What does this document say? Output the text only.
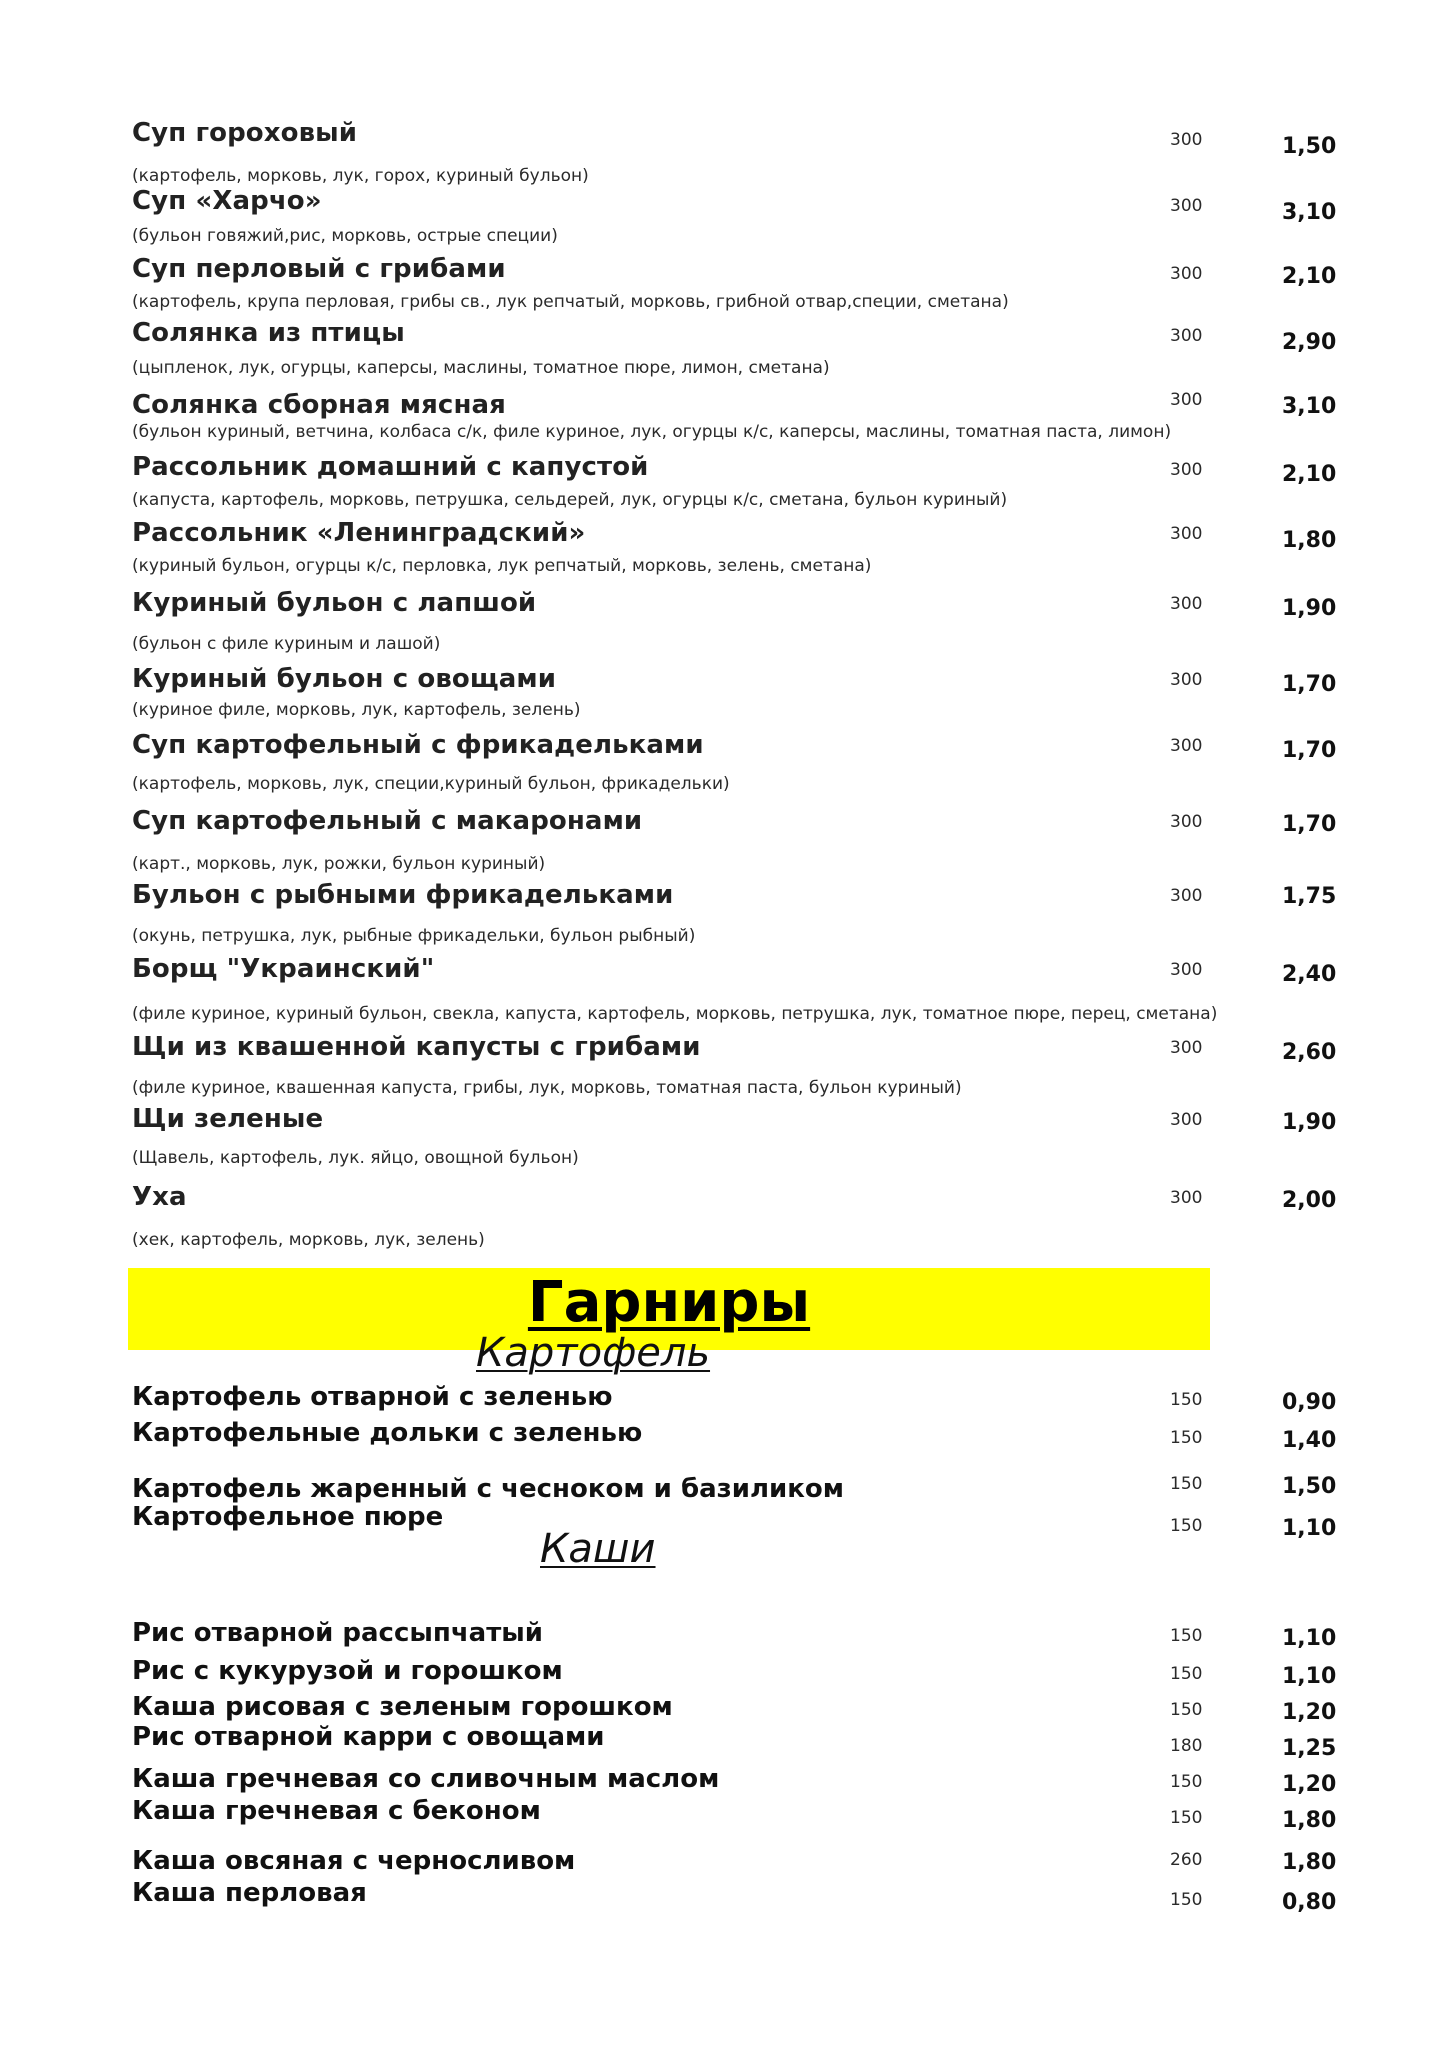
Суп гороховый	300	1,50
(картофель, морковь, лук, горох, куриный бульон)
Суп «Харчо»	300	3,10
(бульон говяжий,рис, морковь, острые специи)
Суп перловый с грибами	300	2,10
(картофель, крупа перловая, грибы св., лук репчатый, морковь, грибной отвар,специи, сметана)
Солянка из птицы	300	2,90
(цыпленок, лук, огурцы, каперсы, маслины, томатное пюре, лимон, сметана)
Солянка сборная мясная	300	3,10
(бульон куриный, ветчина, колбаса с/к, филе куриное, лук, огурцы к/с, каперсы, маслины, томатная паста, лимон)
Рассольник домашний с капустой	300	2,10
(капуста, картофель, морковь, петрушка, сельдерей, лук, огурцы к/с, сметана, бульон куриный)
Рассольник «Ленинградский»	300	1,80
(куриный бульон, огурцы к/с, перловка, лук репчатый, морковь, зелень, сметана)
Куриный бульон с лапшой	300	1,90
(бульон с филе куриным и лашой)
Куриный бульон с овощами	300	1,70
(куриное филе, морковь, лук, картофель, зелень)
Суп картофельный с фрикадельками	300	1,70
(картофель, морковь, лук, специи,куриный бульон, фрикадельки)
Суп картофельный с макаронами	300	1,70
(карт., морковь, лук, рожки, бульон куриный)
Бульон с рыбными фрикадельками	300	1,75
(окунь, петрушка, лук, рыбные фрикадельки, бульон рыбный)
Борщ "Украинский"	300	2,40
(филе куриное, куриный бульон, свекла, капуста, картофель, морковь, петрушка, лук, томатное пюре, перец, сметана)
Щи из квашенной капусты с грибами	300	2,60
(филе куриное, квашенная капуста, грибы, лук, морковь, томатная паста, бульон куриный)
Щи зеленые	300	1,90
(Щавель, картофель, лук. яйцо, овощной бульон)
Уха	300	2,00
(хек, картофель, морковь, лук, зелень)
Гарниры
Картофель
Картофель отварной с зеленью	150	0,90
Картофельные дольки с зеленью	150	1,40
Картофель жаренный с чесноком и базиликом	150	1,50
Картофельное пюре	150	1,10
Каши
Рис отварной рассыпчатый	150	1,10
Рис с кукурузой и горошком	150	1,10
Каша рисовая с зеленым горошком	150	1,20
Рис отварной карри с овощами	180	1,25
Каша гречневая со сливочным маслом	150	1,20
Каша гречневая с беконом	150	1,80
Каша овсяная с черносливом	260	1,80
Каша перловая	150	0,80
